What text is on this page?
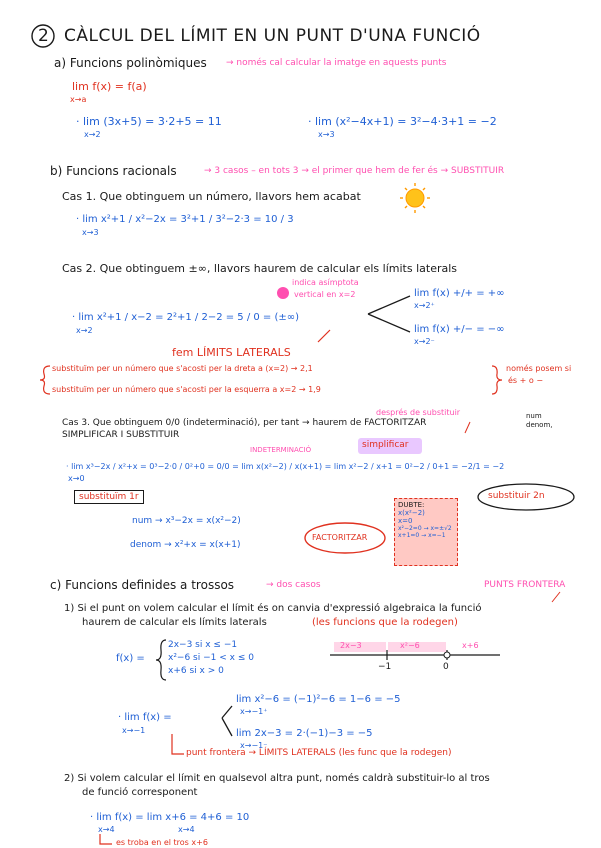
2 CÀLCUL DEL LÍMIT EN UN PUNT D'UNA FUNCIÓ
a) Funcions polinòmiques → només cal calcular la imatge en aquests punts
lim f(x) = f(a)
x→a
· lim (3x+5) = 3·2+5 = 11
x→2
· lim (x²−4x+1) = 3²−4·3+1 = −2
x→3
b) Funcions racionals	→ 3 casos – en tots 3 → el primer que hem de fer és → SUBSTITUIR
Cas 1. Que obtinguem un número, llavors hem acabat
· lim x²+1 / x²−2x = 3²+1 / 3²−2·3 = 10 / 3
x→3
Cas 2. Que obtinguem ±∞, llavors haurem de calcular els límits laterals
indica asímptota
vertical en x=2
· lim x²+1 / x−2 = 2²+1 / 2−2 = 5 / 0 = (±∞)
x→2
lim f(x) +/+ = +∞
x→2⁺
lim f(x) +/− = −∞
x→2⁻
fem LÍMITS LATERALS
substituïm per un número que s'acosti per la dreta a (x=2) → 2,1
substituïm per un número que s'acosti per la esquerra a x=2 → 1,9
només posem si
és + o −
després de substituir	num
denom,
Cas 3. Que obtinguem 0/0 (indeterminació), per tant → haurem de FACTORITZAR
SIMPLIFICAR I SUBSTITUIR
INDETERMINACIÓ	simplificar
· lim x³−2x / x²+x = 0³−2·0 / 0²+0 = 0/0 = lim x(x²−2) / x(x+1) = lim x²−2 / x+1 = 0²−2 / 0+1 = −2/1 = −2
x→0
substituïm 1r	substituir 2n
num → x³−2x = x(x²−2)
denom → x²+x = x(x+1)
FACTORITZAR
DUBTE:
x(x²−2)
x=0
x²−2=0 → x=±√2
x+1=0 → x=−1
c) Funcions definides a trossos	→ dos casos	PUNTS FRONTERA
1) Si el punt on volem calcular el límit és on canvia d'expressió algebraica la funció
haurem de calcular els límits laterals	(les funcions que la rodegen)
f(x) =
2x−3 si x ≤ −1
x²−6 si −1 < x ≤ 0
x+6 si x > 0
2x−3	x²−6	x+6
−1	0
· lim f(x) =
x→−1
lim x²−6 = (−1)²−6 = 1−6 = −5
x→−1⁺
lim 2x−3 = 2·(−1)−3 = −5
x→−1⁻
punt frontera → LÍMITS LATERALS (les func que la rodegen)
2) Si volem calcular el límit en qualsevol altra punt, només caldrà substituir-lo al tros
de funció corresponent
· lim f(x) = lim x+6 = 4+6 = 10
x→4	x→4
es troba en el tros x+6
